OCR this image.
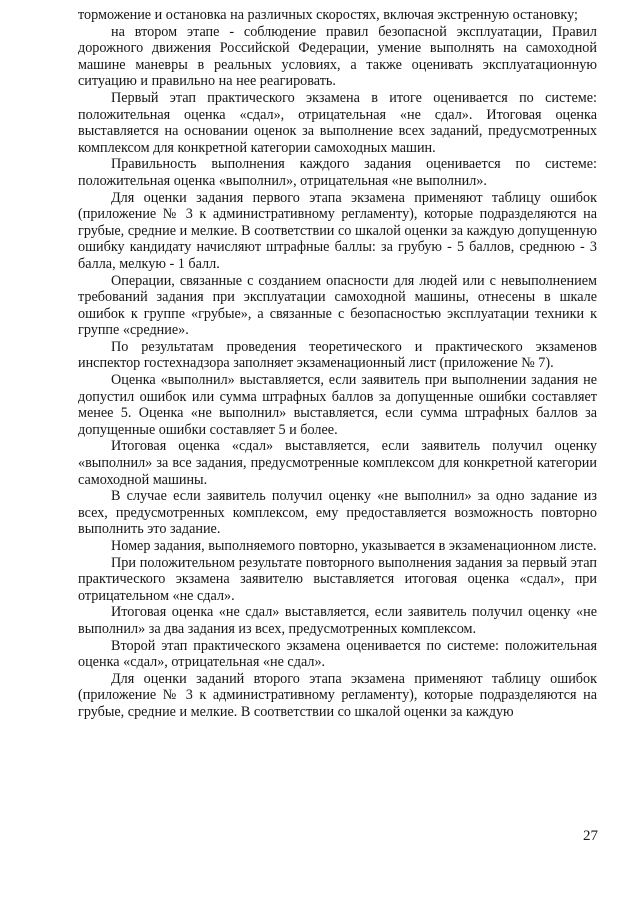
торможение и остановка на различных скоростях, включая экстренную остановку;

на втором этапе - соблюдение правил безопасной эксплуатации, Правил дорожного движения Российской Федерации, умение выполнять на самоходной машине маневры в реальных условиях, а также оценивать эксплуатационную ситуацию и правильно на нее реагировать.

Первый этап практического экзамена в итоге оценивается по системе: положительная оценка «сдал», отрицательная «не сдал». Итоговая оценка выставляется на основании оценок за выполнение всех заданий, предусмотренных комплексом для конкретной категории самоходных машин.

Правильность выполнения каждого задания оценивается по системе: положительная оценка «выполнил», отрицательная «не выполнил».

Для оценки задания первого этапа экзамена применяют таблицу ошибок (приложение № 3 к административному регламенту), которые подразделяются на грубые, средние и мелкие. В соответствии со шкалой оценки за каждую допущенную ошибку кандидату начисляют штрафные баллы: за грубую - 5 баллов, среднюю - 3 балла, мелкую - 1 балл.

Операции, связанные с созданием опасности для людей или с невыполнением требований задания при эксплуатации самоходной машины, отнесены в шкале ошибок к группе «грубые», а связанные с безопасностью эксплуатации техники к группе «средние».

По результатам проведения теоретического и практического экзаменов инспектор гостехнадзора заполняет экзаменационный лист (приложение № 7).

Оценка «выполнил» выставляется, если заявитель при выполнении задания не допустил ошибок или сумма штрафных баллов за допущенные ошибки составляет менее 5. Оценка «не выполнил» выставляется, если сумма штрафных баллов за допущенные ошибки составляет 5 и более.

Итоговая оценка «сдал» выставляется, если заявитель получил оценку «выполнил» за все задания, предусмотренные комплексом для конкретной категории самоходной машины.

В случае если заявитель получил оценку «не выполнил» за одно задание из всех, предусмотренных комплексом, ему предоставляется возможность повторно выполнить это задание.

Номер задания, выполняемого повторно, указывается в экзаменационном листе.

При положительном результате повторного выполнения задания за первый этап практического экзамена заявителю выставляется итоговая оценка «сдал», при отрицательном «не сдал».

Итоговая оценка «не сдал» выставляется, если заявитель получил оценку «не выполнил» за два задания из всех, предусмотренных комплексом.

Второй этап практического экзамена оценивается по системе: положительная оценка «сдал», отрицательная «не сдал».

Для оценки заданий второго этапа экзамена применяют таблицу ошибок (приложение № 3 к административному регламенту), которые подразделяются на грубые, средние и мелкие. В соответствии со шкалой оценки за каждую

27
